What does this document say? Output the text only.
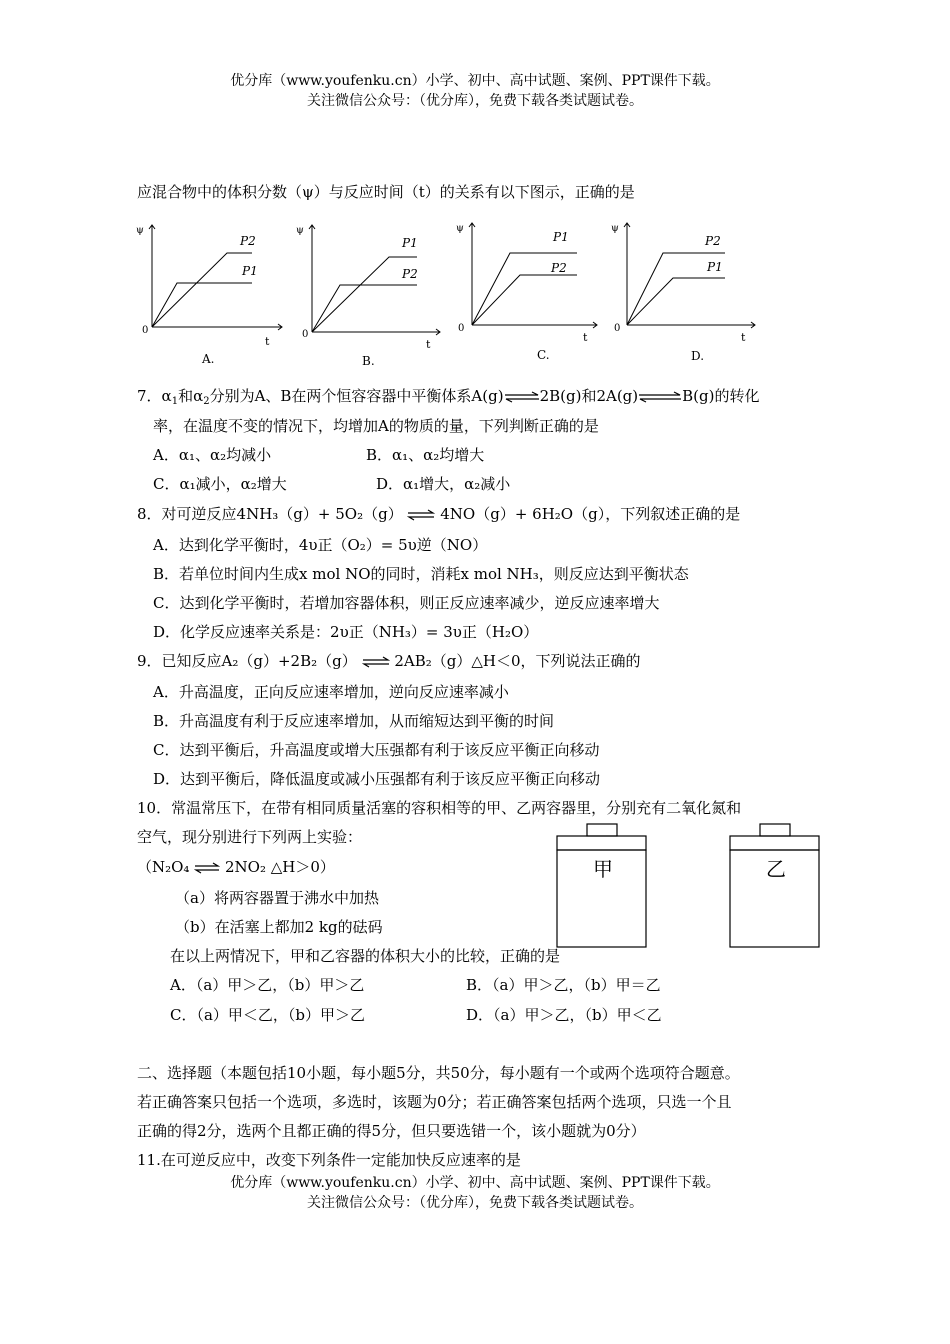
优分库（www.youfenku.cn）小学、初中、高中试题、案例、PPT课件下载。
关注微信公众号：（优分库），免费下载各类试题试卷。
应混合物中的体积分数（ψ）与反应时间（t）的关系有以下图示，正确的是
ψ
0
t
P2
P1
A.
ψ
0
t
P1
P2
B.
ψ
0
t
P1
P2
C.
ψ
0
t
P2
P1
D.
7．$\alpha_1$和$\alpha_2$分别为A、B在两个恒容容器中平衡体系A(g)⇌2B(g)和2A(g)⇌B(g)的转化
率，在温度不变的情况下，均增加A的物质的量，下列判断正确的是
A．α₁、α₂均减小	B．α₁、α₂均增大
C．α₁减小，α₂增大	D．α₁增大，α₂减小
8．对可逆反应4NH₃（g）+ 5O₂（g） ⇌ 4NO（g）+ 6H₂O（g），下列叙述正确的是
A．达到化学平衡时，4υ正（O₂）= 5υ逆（NO）
B．若单位时间内生成x mol NO的同时，消耗x mol NH₃，则反应达到平衡状态
C．达到化学平衡时，若增加容器体积，则正反应速率减少，逆反应速率增大
D．化学反应速率关系是：2υ正（NH₃）= 3υ正（H₂O）
9．已知反应A₂（g）+2B₂（g） ⇌ 2AB₂（g）△H＜0，下列说法正确的
A．升高温度，正向反应速率增加，逆向反应速率减小
B．升高温度有利于反应速率增加，从而缩短达到平衡的时间
C．达到平衡后，升高温度或增大压强都有利于该反应平衡正向移动
D．达到平衡后，降低温度或减小压强都有利于该反应平衡正向移动
10．常温常压下，在带有相同质量活塞的容积相等的甲、乙两容器里，分别充有二氧化氮和
空气，现分别进行下列两上实验：
（N₂O₄ ⇌ 2NO₂ △H＞0）
（a）将两容器置于沸水中加热
（b）在活塞上都加2 kg的砝码
在以上两情况下，甲和乙容器的体积大小的比较，正确的是
A．（a）甲＞乙，（b）甲＞乙	B．（a）甲＞乙，（b）甲＝乙
C．（a）甲＜乙，（b）甲＞乙	D．（a）甲＞乙，（b）甲＜乙
甲	乙
二、选择题（本题包括10小题，每小题5分，共50分，每小题有一个或两个选项符合题意。
若正确答案只包括一个选项，多选时，该题为0分；若正确答案包括两个选项，只选一个且
正确的得2分，选两个且都正确的得5分，但只要选错一个，该小题就为0分）
11.在可逆反应中，改变下列条件一定能加快反应速率的是
优分库（www.youfenku.cn）小学、初中、高中试题、案例、PPT课件下载。
关注微信公众号：（优分库），免费下载各类试题试卷。
